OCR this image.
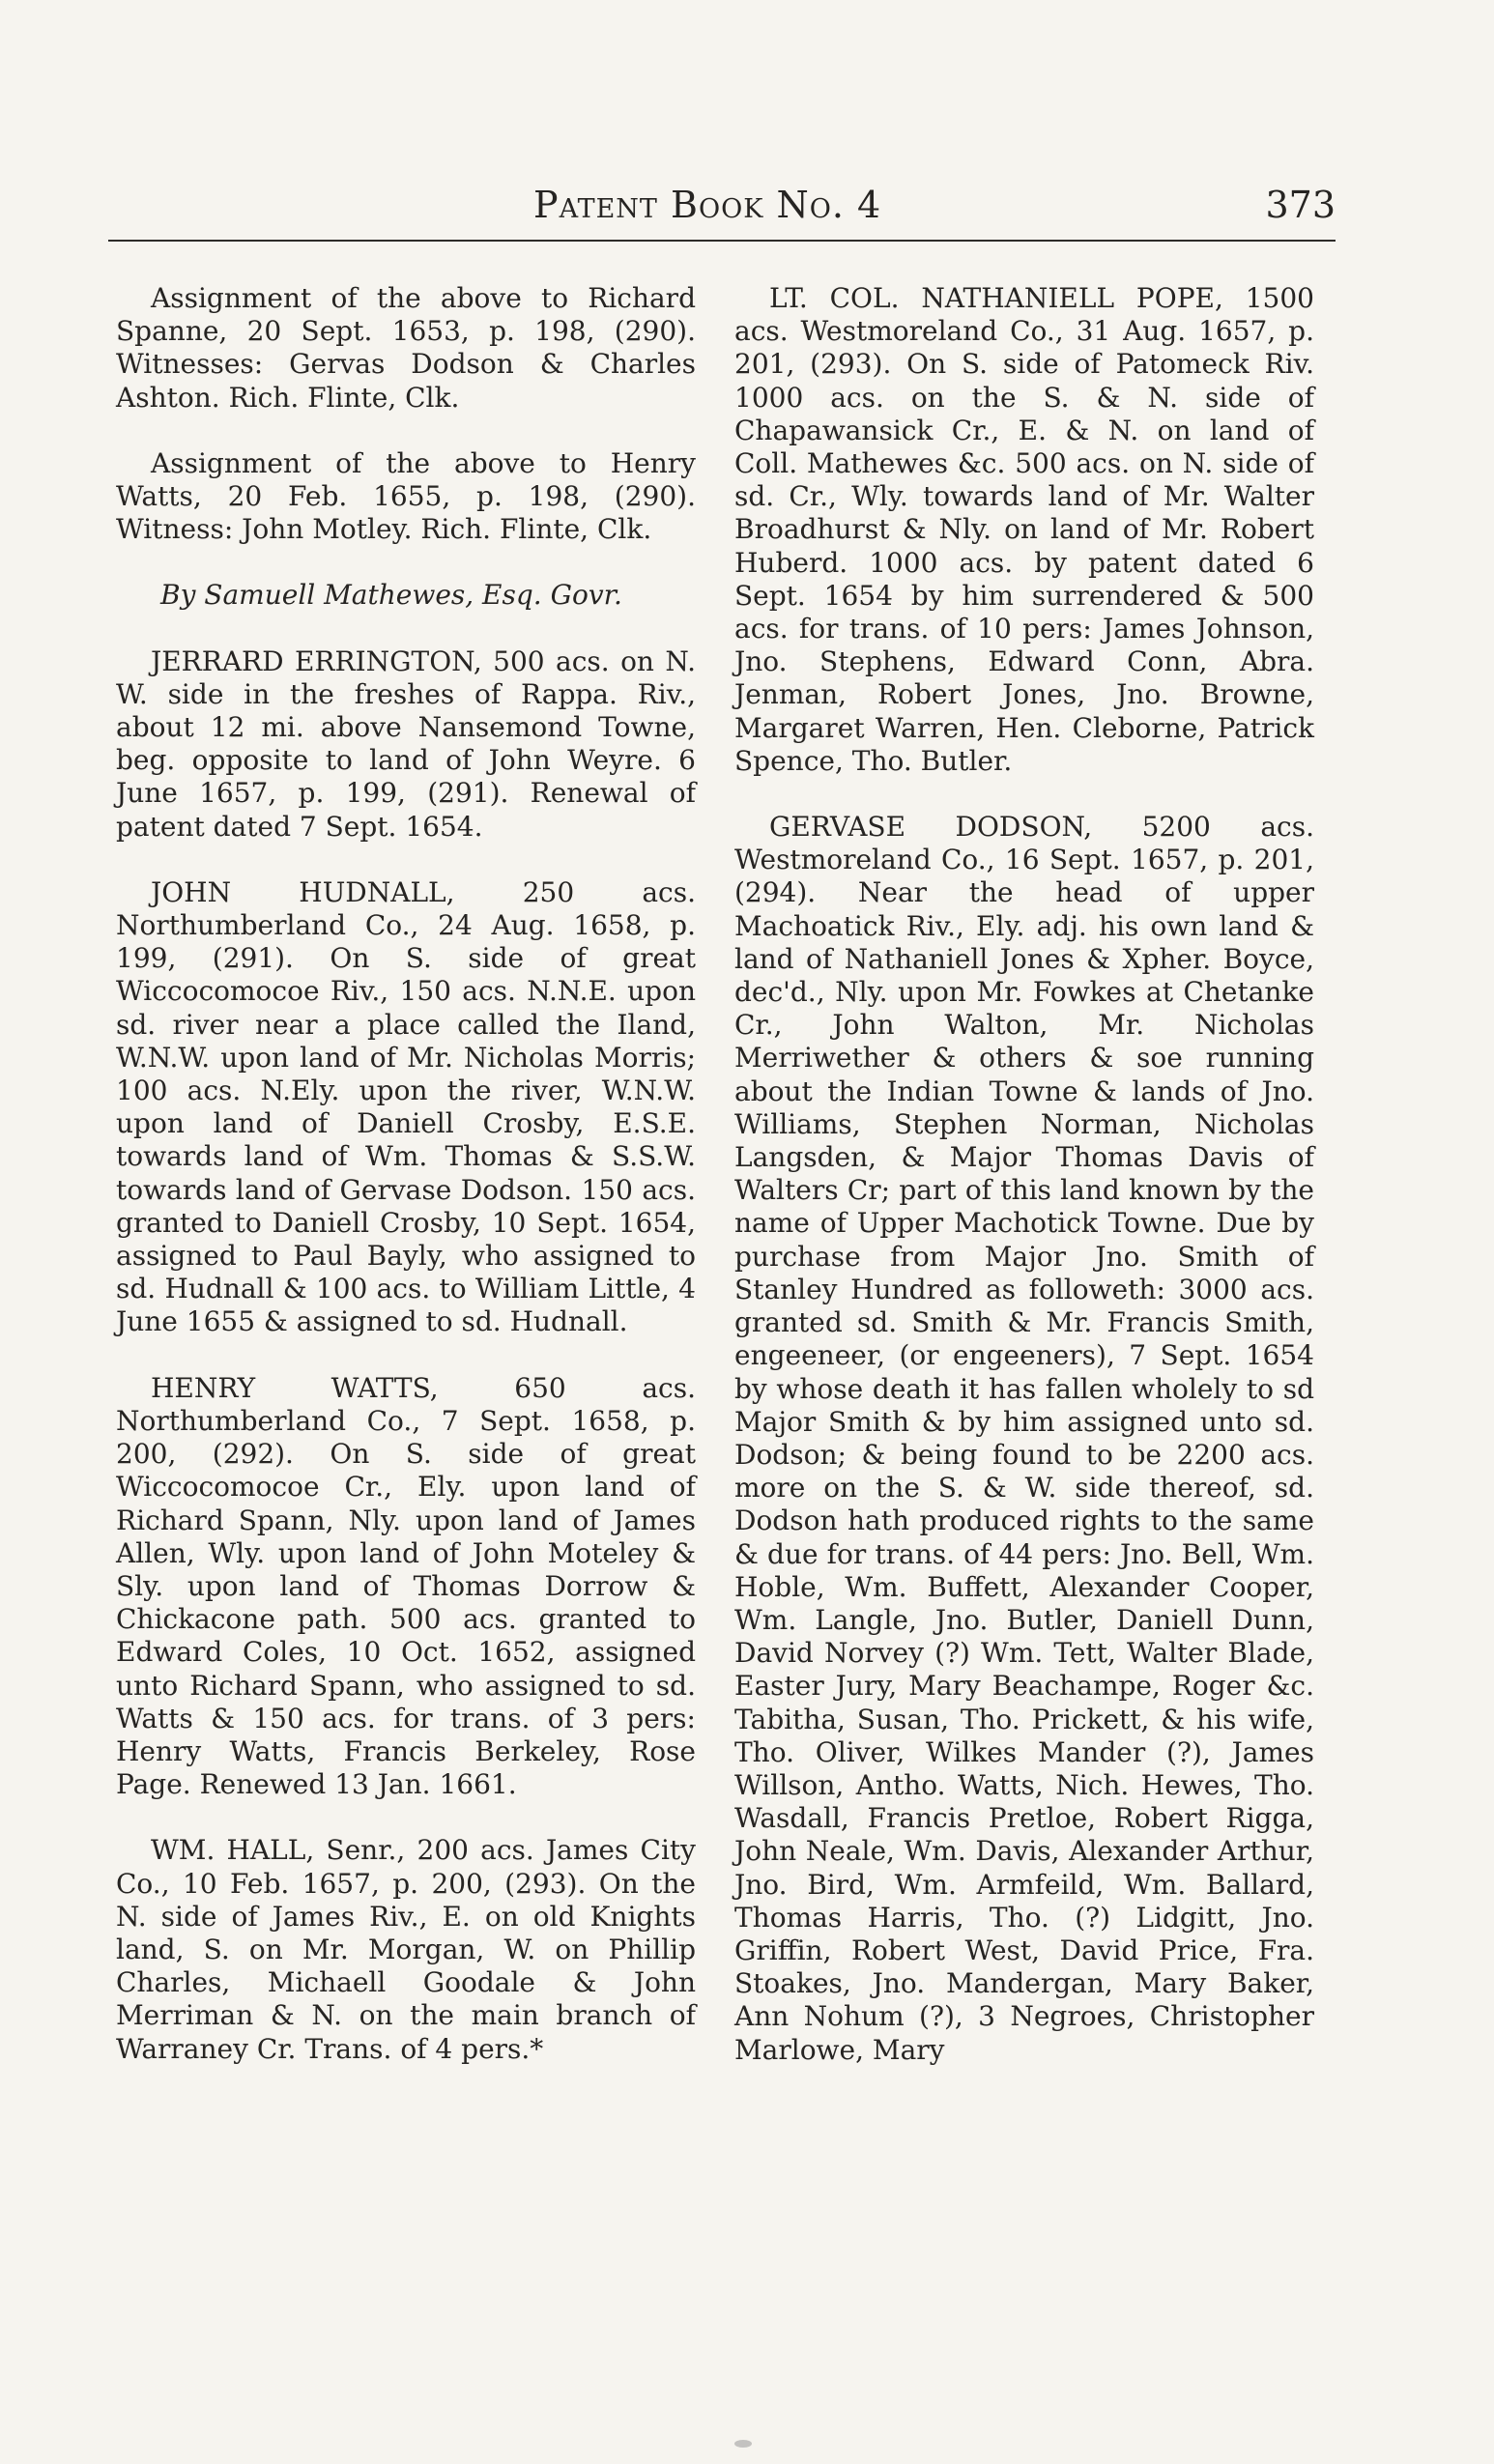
Patent Book No. 4	373

Assignment of the above to Richard Spanne, 20 Sept. 1653, p. 198, (290). Witnesses: Gervas Dodson & Charles Ashton. Rich. Flinte, Clk.

Assignment of the above to Henry Watts, 20 Feb. 1655, p. 198, (290). Witness: John Motley. Rich. Flinte, Clk.

By Samuell Mathewes, Esq. Govr.

JERRARD ERRINGTON, 500 acs. on N. W. side in the freshes of Rappa. Riv., about 12 mi. above Nansemond Towne, beg. opposite to land of John Weyre. 6 June 1657, p. 199, (291). Renewal of patent dated 7 Sept. 1654.

JOHN HUDNALL, 250 acs. Northumberland Co., 24 Aug. 1658, p. 199, (291). On S. side of great Wiccocomocoe Riv., 150 acs. N.N.E. upon sd. river near a place called the Iland, W.N.W. upon land of Mr. Nicholas Morris; 100 acs. N.Ely. upon the river, W.N.W. upon land of Daniell Crosby, E.S.E. towards land of Wm. Thomas & S.S.W. towards land of Gervase Dodson. 150 acs. granted to Daniell Crosby, 10 Sept. 1654, assigned to Paul Bayly, who assigned to sd. Hudnall & 100 acs. to William Little, 4 June 1655 & assigned to sd. Hudnall.

HENRY WATTS, 650 acs. Northumberland Co., 7 Sept. 1658, p. 200, (292). On S. side of great Wiccocomocoe Cr., Ely. upon land of Richard Spann, Nly. upon land of James Allen, Wly. upon land of John Moteley & Sly. upon land of Thomas Dorrow & Chickacone path. 500 acs. granted to Edward Coles, 10 Oct. 1652, assigned unto Richard Spann, who assigned to sd. Watts & 150 acs. for trans. of 3 pers: Henry Watts, Francis Berkeley, Rose Page. Renewed 13 Jan. 1661.

WM. HALL, Senr., 200 acs. James City Co., 10 Feb. 1657, p. 200, (293). On the N. side of James Riv., E. on old Knights land, S. on Mr. Morgan, W. on Phillip Charles, Michaell Goodale & John Merriman & N. on the main branch of Warraney Cr. Trans. of 4 pers.*

LT. COL. NATHANIELL POPE, 1500 acs. Westmoreland Co., 31 Aug. 1657, p. 201, (293). On S. side of Patomeck Riv. 1000 acs. on the S. & N. side of Chapawansick Cr., E. & N. on land of Coll. Mathewes &c. 500 acs. on N. side of sd. Cr., Wly. towards land of Mr. Walter Broadhurst & Nly. on land of Mr. Robert Huberd. 1000 acs. by patent dated 6 Sept. 1654 by him surrendered & 500 acs. for trans. of 10 pers: James Johnson, Jno. Stephens, Edward Conn, Abra. Jenman, Robert Jones, Jno. Browne, Margaret Warren, Hen. Cleborne, Patrick Spence, Tho. Butler.

GERVASE DODSON, 5200 acs. Westmoreland Co., 16 Sept. 1657, p. 201, (294). Near the head of upper Machoatick Riv., Ely. adj. his own land & land of Nathaniell Jones & Xpher. Boyce, dec'd., Nly. upon Mr. Fowkes at Chetanke Cr., John Walton, Mr. Nicholas Merriwether & others & soe running about the Indian Towne & lands of Jno. Williams, Stephen Norman, Nicholas Langsden, & Major Thomas Davis of Walters Cr; part of this land known by the name of Upper Machotick Towne. Due by purchase from Major Jno. Smith of Stanley Hundred as followeth: 3000 acs. granted sd. Smith & Mr. Francis Smith, engeeneer, (or engeeners), 7 Sept. 1654 by whose death it has fallen wholely to sd Major Smith & by him assigned unto sd. Dodson; & being found to be 2200 acs. more on the S. & W. side thereof, sd. Dodson hath produced rights to the same & due for trans. of 44 pers: Jno. Bell, Wm. Hoble, Wm. Buffett, Alexander Cooper, Wm. Langle, Jno. Butler, Daniell Dunn, David Norvey (?) Wm. Tett, Walter Blade, Easter Jury, Mary Beachampe, Roger &c. Tabitha, Susan, Tho. Prickett, & his wife, Tho. Oliver, Wilkes Mander (?), James Willson, Antho. Watts, Nich. Hewes, Tho. Wasdall, Francis Pretloe, Robert Rigga, John Neale, Wm. Davis, Alexander Arthur, Jno. Bird, Wm. Armfeild, Wm. Ballard, Thomas Harris, Tho. (?) Lidgitt, Jno. Griffin, Robert West, David Price, Fra. Stoakes, Jno. Mandergan, Mary Baker, Ann Nohum (?), 3 Negroes, Christopher Marlowe, Mary
